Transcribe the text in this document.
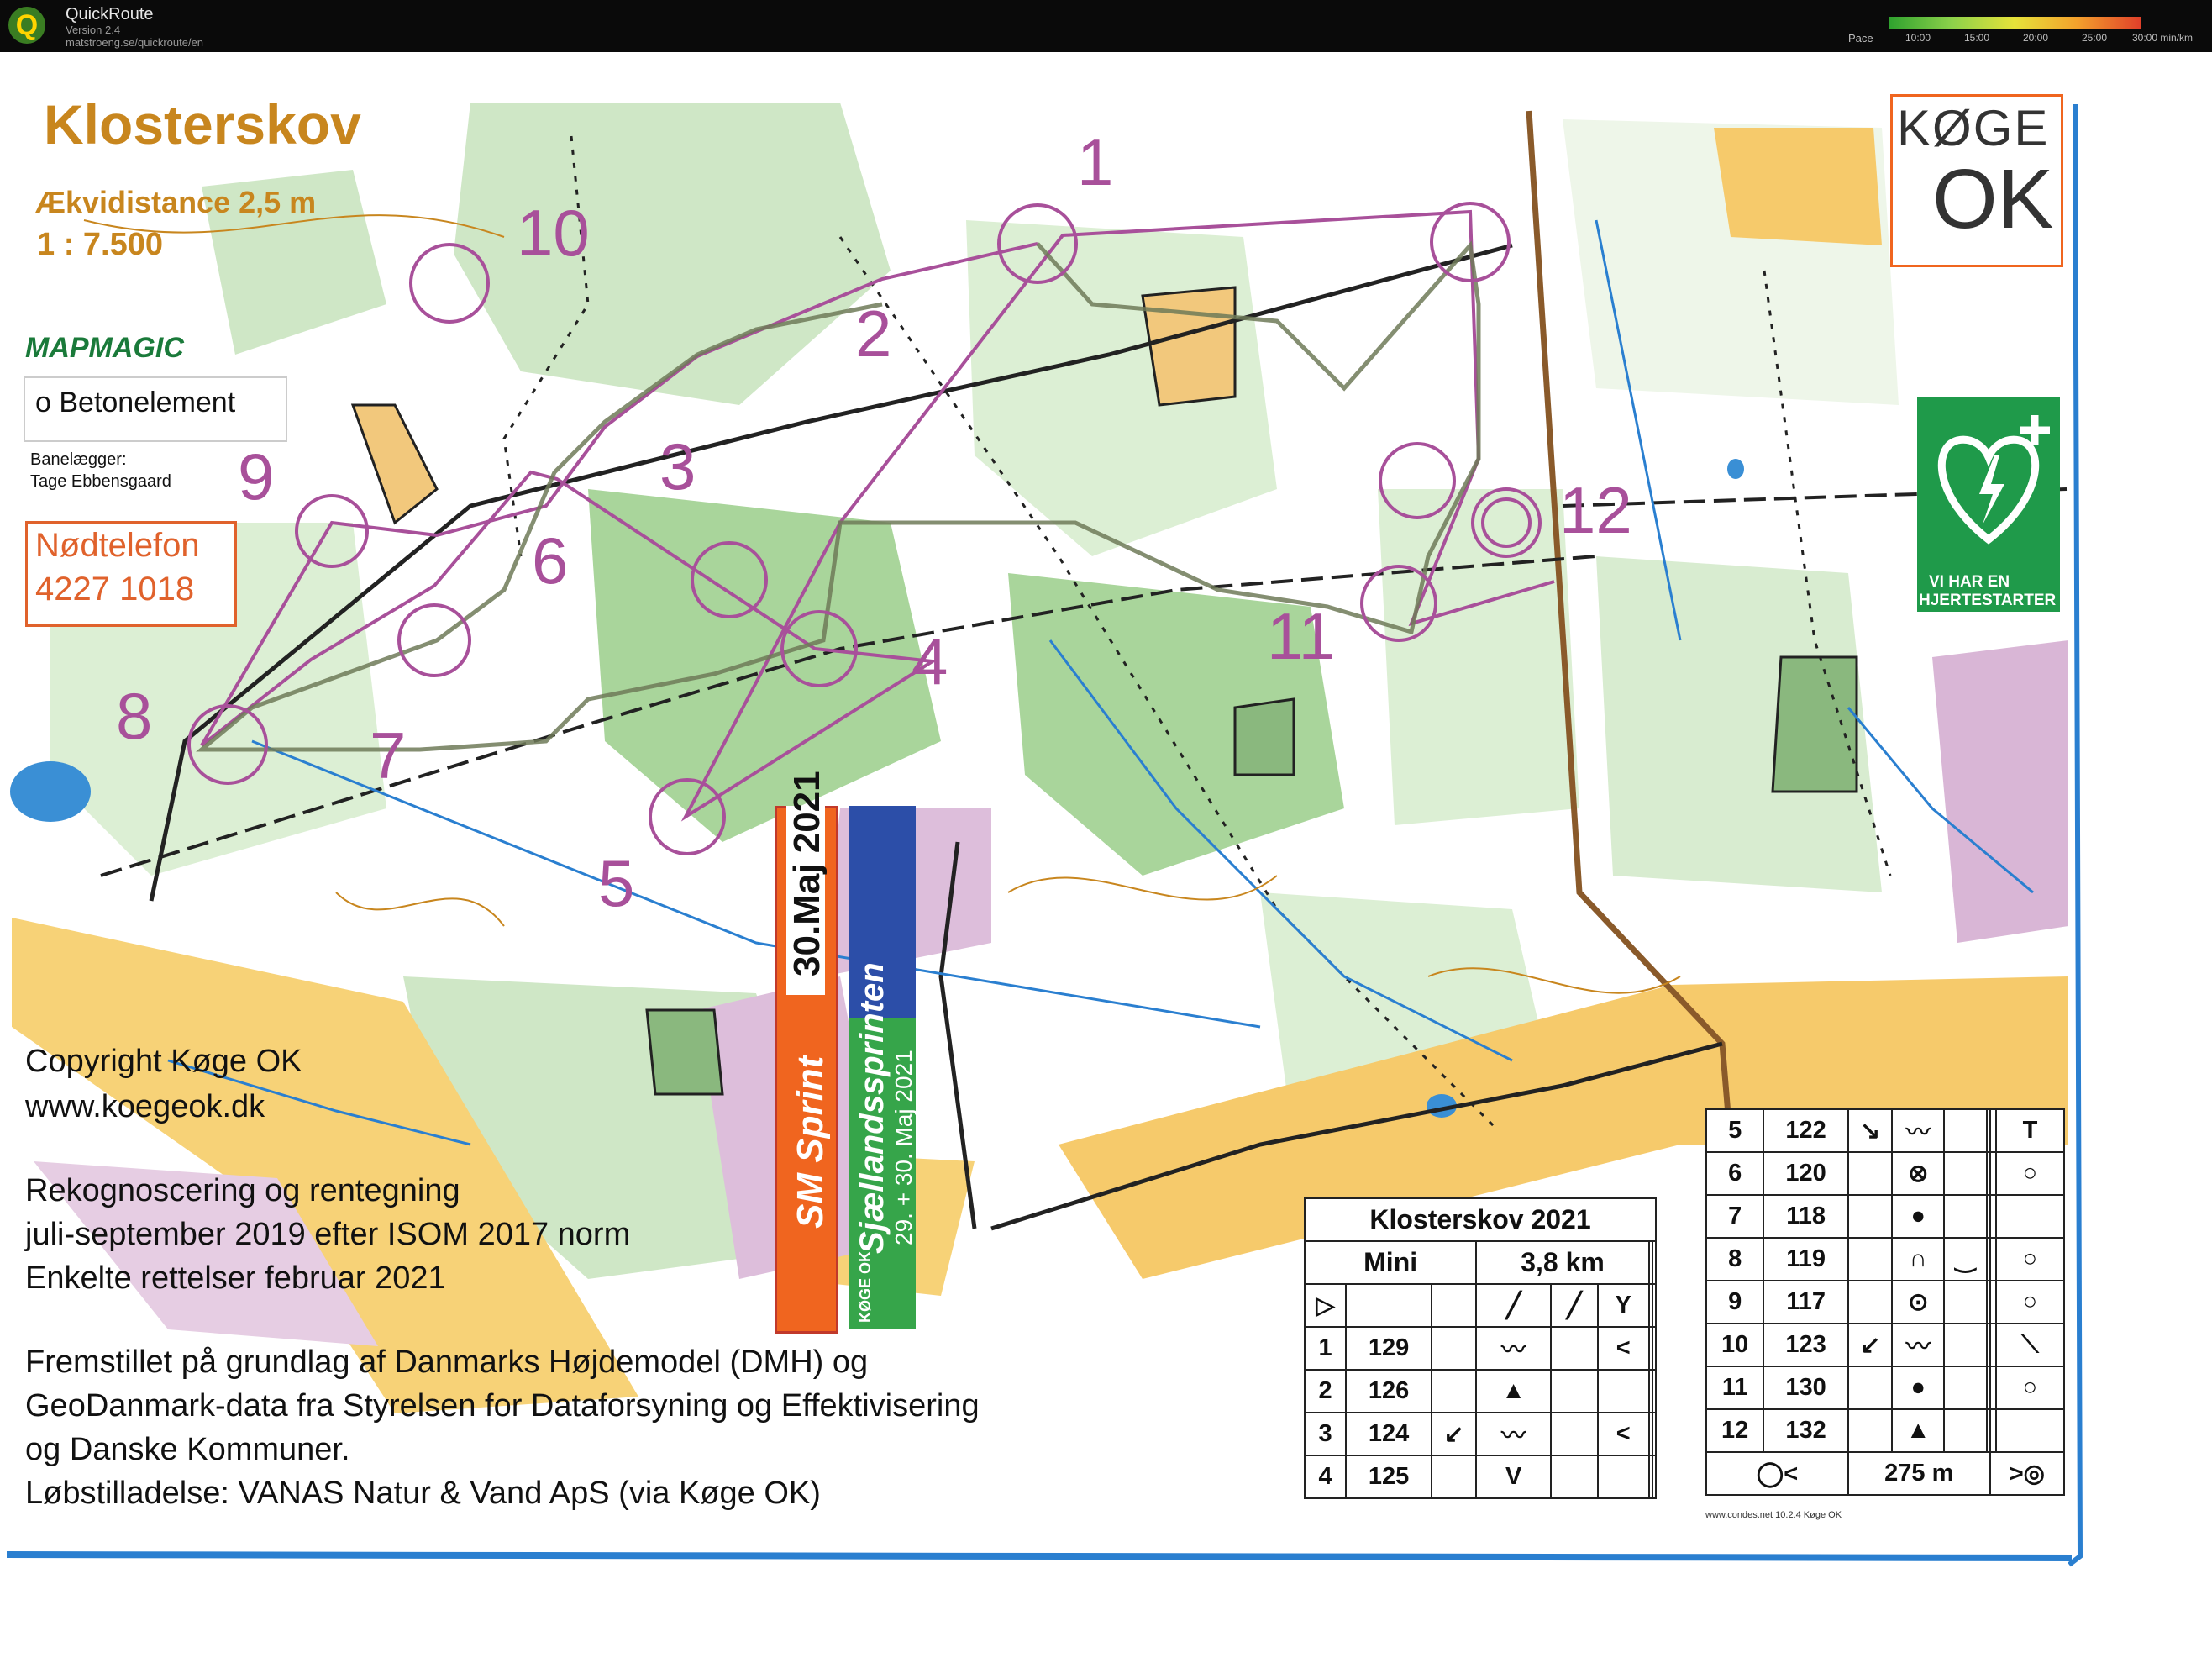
Q	QuickRoute
Version 2.4
matstroeng.se/quickroute/en	Pace	10:00	15:00	20:00	25:00 30:00 min/km
Klosterskov
Ækvidistance 2,5 m
1 : 7.500
MAPMAGIC
o Betonelement
Banelægger:
Tage Ebbensgaard
Nødtelefon
4227 1018
KØGE
OK
VI HAR EN
HJERTESTARTER
1
2
3
4
5
6
7
8
9
10
11
12
Copyright Køge OK
www.koegeok.dk
Rekognoscering og rentegning
juli-september 2019 efter ISOM 2017 norm
Enkelte rettelser februar 2021
Fremstillet på grundlag af Danmarks Højdemodel (DMH) og
GeoDanmark-data fra Styrelsen for Dataforsyning og Effektivisering
og Danske Kommuner.
Løbstilladelse: VANAS Natur & Vand ApS (via Køge OK)
30.Maj 2021
SM Sprint Sjællandssprinten 29. + 30. Maj 2021
KØGE OK
Klosterskov 2021							
Mini			3,8 km				
▷			╱	╱	Y		
1	129		〰		<		
2	126		▲				
3	124	↙	〰		<		
4	125		V				
5	122	↘	〰				T
6	120		⊗				○
7	118		●				
8	119		∩	‿			○
9	117		⊙				○
10	123	↙	〰				⟍
11	130		●				○
12	132		▲				
◯<		275 m				>◎	
www.condes.net 10.2.4 Køge OK
